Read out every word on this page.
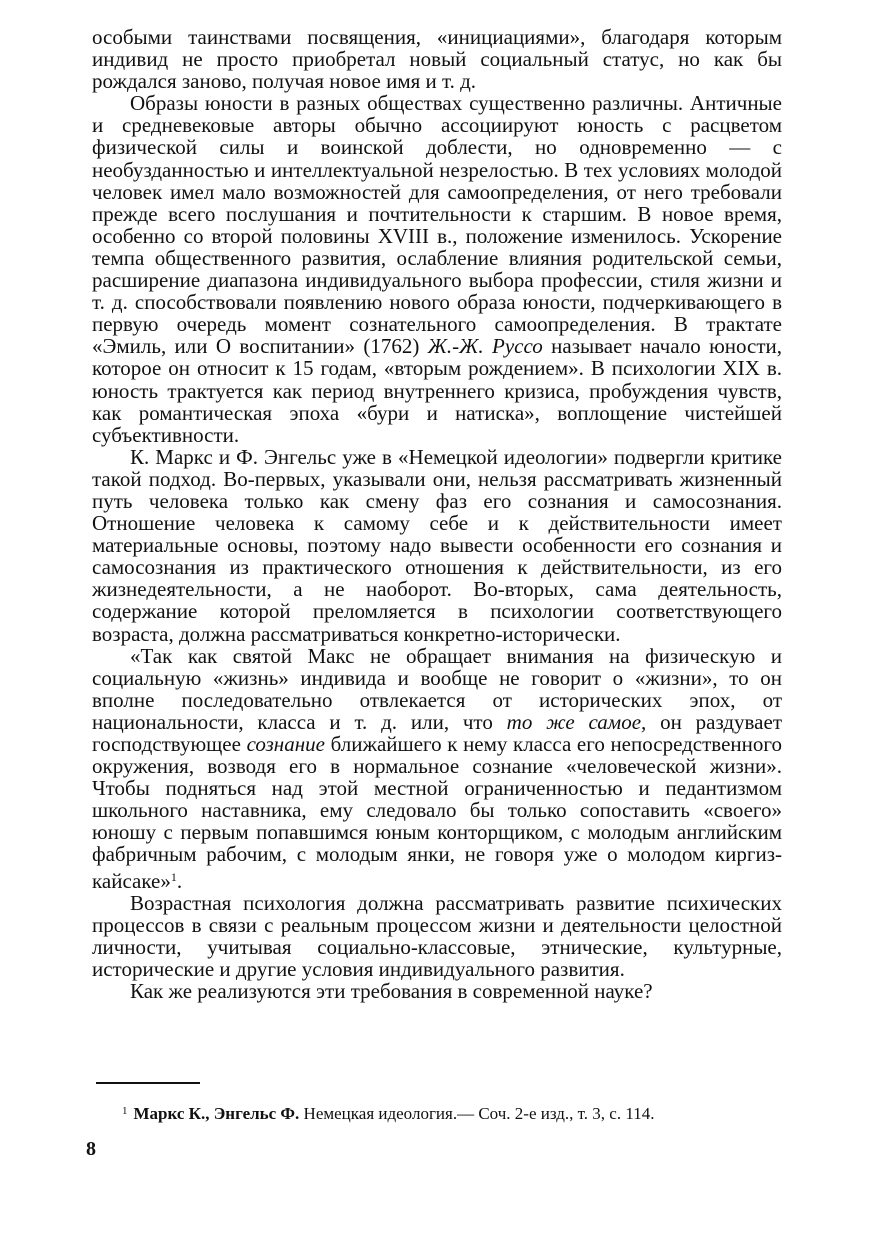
особыми таинствами посвящения, «инициациями», благодаря которым индивид не просто приобретал новый социальный статус, но как бы рождался заново, получая новое имя и т. д.

Образы юности в разных обществах существенно различны. Античные и средневековые авторы обычно ассоциируют юность с расцветом физической силы и воинской доблести, но одновременно — с необузданностью и интеллектуальной незрелостью. В тех условиях молодой человек имел мало возможностей для самоопределения, от него требовали прежде всего послушания и почтительности к старшим. В новое время, особенно со второй половины XVIII в., положение изменилось. Ускорение темпа общественного развития, ослабление влияния родительской семьи, расширение диапазона индивидуального выбора профессии, стиля жизни и т. д. способствовали появлению нового образа юности, подчеркивающего в первую очередь момент сознательного самоопределения. В трактате «Эмиль, или О воспитании» (1762) Ж.-Ж. Руссо называет начало юности, которое он относит к 15 годам, «вторым рождением». В психологии XIX в. юность трактуется как период внутреннего кризиса, пробуждения чувств, как романтическая эпоха «бури и натиска», воплощение чистейшей субъективности.

К. Маркс и Ф. Энгельс уже в «Немецкой идеологии» подвергли критике такой подход. Во-первых, указывали они, нельзя рассматривать жизненный путь человека только как смену фаз его сознания и самосознания. Отношение человека к самому себе и к действительности имеет материальные основы, поэтому надо вывести особенности его сознания и самосознания из практического отношения к действительности, из его жизнедеятельности, а не наоборот. Во-вторых, сама деятельность, содержание которой преломляется в психологии соответствующего возраста, должна рассматриваться конкретно-исторически.

«Так как святой Макс не обращает внимания на физическую и социальную «жизнь» индивида и вообще не говорит о «жизни», то он вполне последовательно отвлекается от исторических эпох, от национальности, класса и т. д. или, что то же самое, он раздувает господствующее сознание ближайшего к нему класса его непосредственного окружения, возводя его в нормальное сознание «человеческой жизни». Чтобы подняться над этой местной ограниченностью и педантизмом школьного наставника, ему следовало бы только сопоставить «своего» юношу с первым попавшимся юным конторщиком, с молодым английским фабричным рабочим, с молодым янки, не говоря уже о молодом киргиз-кайсаке»$^1$.

Возрастная психология должна рассматривать развитие психических процессов в связи с реальным процессом жизни и деятельности целостной личности, учитывая социально-классовые, этнические, культурные, исторические и другие условия индивидуального развития.

Как же реализуются эти требования в современной науке?

$^1$ Маркс К., Энгельс Ф. Немецкая идеология.— Соч. 2-е изд., т. 3, с. 114.
8
